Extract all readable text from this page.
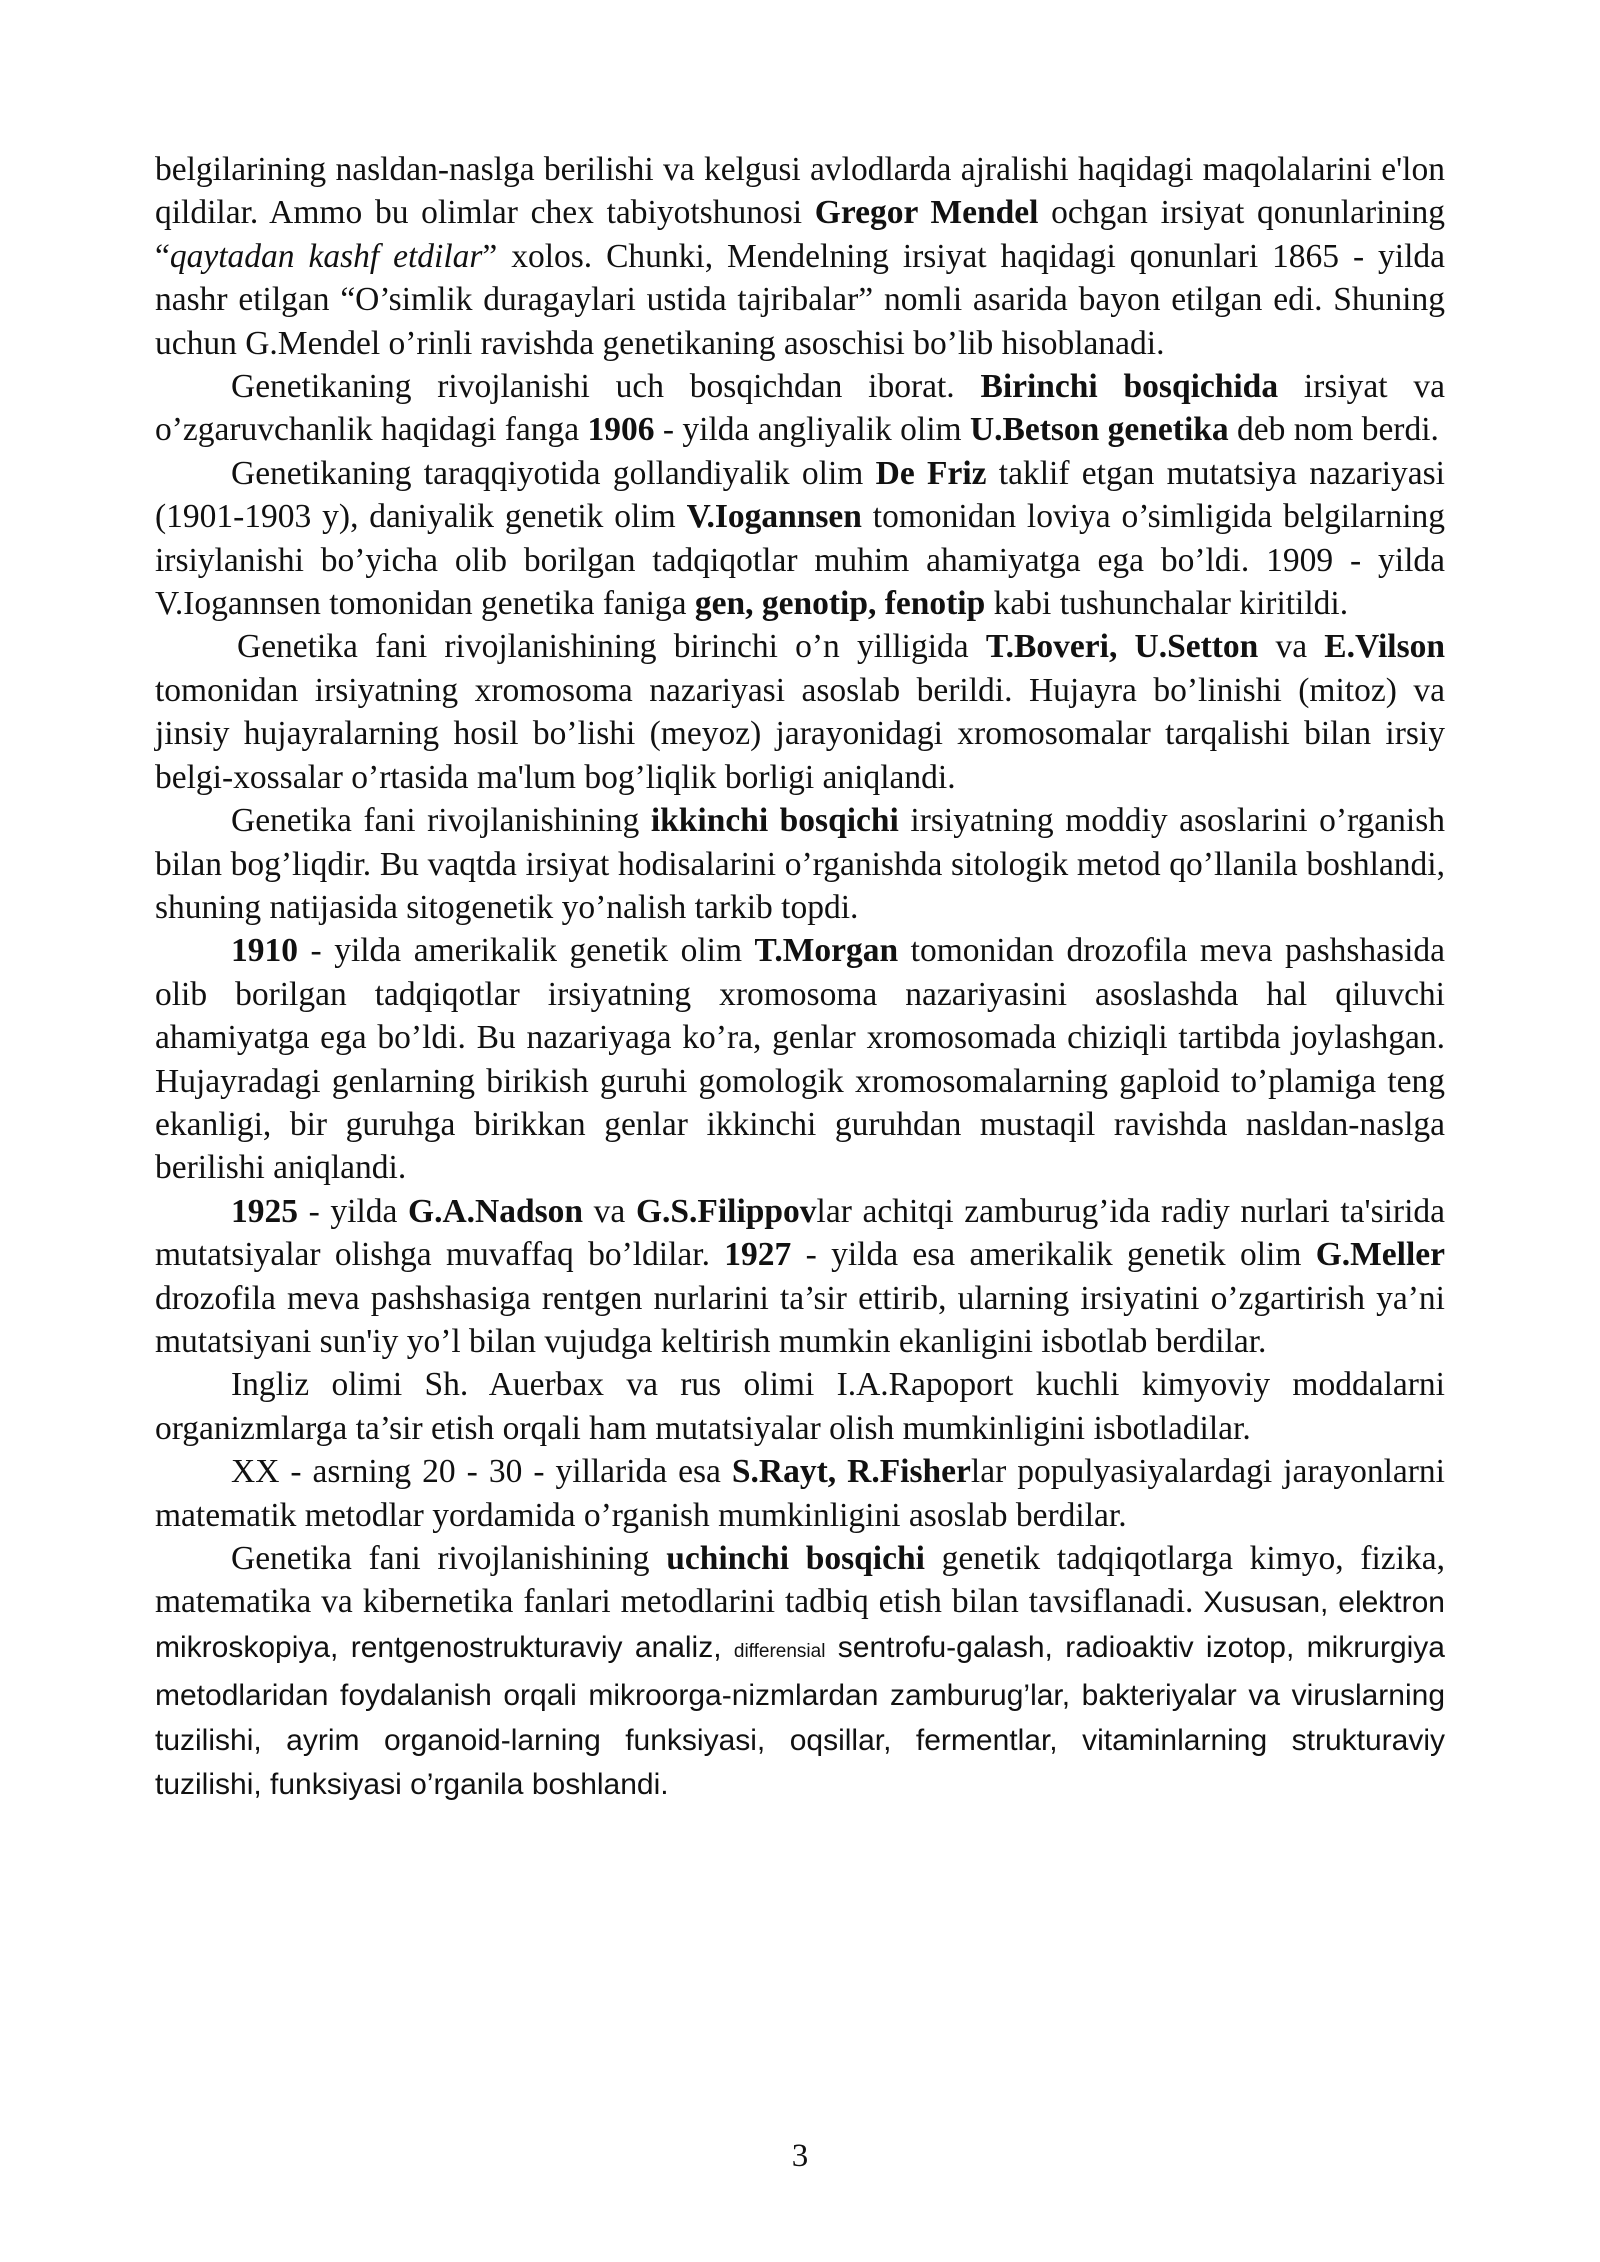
belgilarining nasldan-naslga berilishi va kelgusi avlodlarda ajralishi haqidagi maqolalarini e'lon qildilar. Ammo bu olimlar chex tabiyotshunosi Gregor Mendel ochgan irsiyat qonunlarining “qaytadan kashf etdilar” xolos. Chunki, Mendelning irsiyat haqidagi qonunlari 1865 - yilda nashr etilgan “O’simlik duragaylari ustida tajribalar” nomli asarida bayon etilgan edi. Shuning uchun G.Mendel o’rinli ravishda genetikaning asoschisi bo’lib hisoblanadi.

Genetikaning rivojlanishi uch bosqichdan iborat. Birinchi bosqichida irsiyat va o’zgaruvchanlik haqidagi fanga 1906 - yilda angliyalik olim U.Betson genetika deb nom berdi.

Genetikaning taraqqiyotida gollandiyalik olim De Friz taklif etgan mutatsiya nazariyasi (1901-1903 y), daniyalik genetik olim V.Iogannsen tomonidan loviya o’simligida belgilarning irsiylanishi bo’yicha olib borilgan tadqiqotlar muhim ahamiyatga ega bo’ldi. 1909 - yilda V.Iogannsen tomonidan genetika faniga gen, genotip, fenotip kabi tushunchalar kiritildi.

Genetika fani rivojlanishining birinchi o’n yilligida T.Boveri, U.Setton va E.Vilson tomonidan irsiyatning xromosoma nazariyasi asoslab berildi. Hujayra bo’linishi (mitoz) va jinsiy hujayralarning hosil bo’lishi (meyoz) jarayonidagi xromosomalar tarqalishi bilan irsiy belgi-xossalar o’rtasida ma'lum bog’liqlik borligi aniqlandi.

Genetika fani rivojlanishining ikkinchi bosqichi irsiyatning moddiy asoslarini o’rganish bilan bog’liqdir. Bu vaqtda irsiyat hodisalarini o’rganishda sitologik metod qo’llanila boshlandi, shuning natijasida sitogenetik yo’nalish tarkib topdi.

1910 - yilda amerikalik genetik olim T.Morgan tomonidan drozofila meva pashshasida olib borilgan tadqiqotlar irsiyatning xromosoma nazariyasini asoslashda hal qiluvchi ahamiyatga ega bo’ldi. Bu nazariyaga ko’ra, genlar xromosomada chiziqli tartibda joylashgan. Hujayradagi genlarning birikish guruhi gomologik xromosomalarning gaploid to’plamiga teng ekanligi, bir guruhga birikkan genlar ikkinchi guruhdan mustaqil ravishda nasldan-naslga berilishi aniqlandi.

1925 - yilda G.A.Nadson va G.S.Filippovlar achitqi zamburug’ida radiy nurlari ta'sirida mutatsiyalar olishga muvaffaq bo’ldilar. 1927 - yilda esa amerikalik genetik olim G.Meller drozofila meva pashshasiga rentgen nurlarini ta’sir ettirib, ularning irsiyatini o’zgartirish ya’ni mutatsiyani sun'iy yo’l bilan vujudga keltirish mumkin ekanligini isbotlab berdilar.

Ingliz olimi Sh. Auerbax va rus olimi I.A.Rapoport kuchli kimyoviy moddalarni organizmlarga ta’sir etish orqali ham mutatsiyalar olish mumkinligini isbotladilar.

XX - asrning 20 - 30 - yillarida esa S.Rayt, R.Fisherlar populyasiyalardagi jarayonlarni matematik metodlar yordamida o’rganish mumkinligini asoslab berdilar.

Genetika fani rivojlanishining uchinchi bosqichi genetik tadqiqotlarga kimyo, fizika, matematika va kibernetika fanlari metodlarini tadbiq etish bilan tavsiflanadi. Xususan, elektron mikroskopiya, rentgenostrukturaviy analiz, differensial sentrofu-galash, radioaktiv izotop, mikrurgiya metodlaridan foydalanish orqali mikroorga-nizmlardan zamburug’lar, bakteriyalar va viruslarning tuzilishi, ayrim organoid-larning funksiyasi, oqsillar, fermentlar, vitaminlarning strukturaviy tuzilishi, funksiyasi o’rganila boshlandi.

3
